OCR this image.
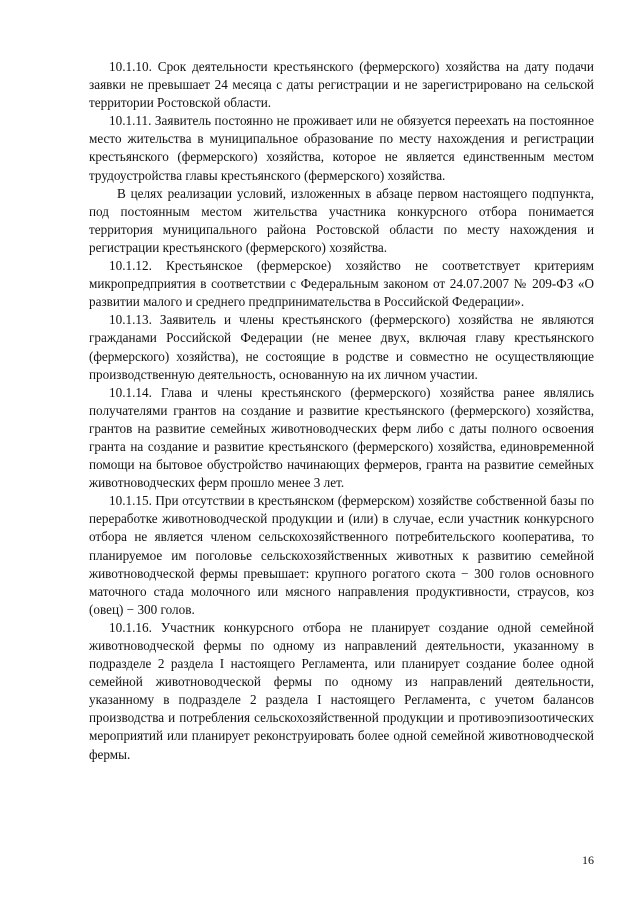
10.1.10. Срок деятельности крестьянского (фермерского) хозяйства на дату подачи заявки не превышает 24 месяца с даты регистрации и не зарегистрировано на сельской территории Ростовской области.

10.1.11. Заявитель постоянно не проживает или не обязуется переехать на постоянное место жительства в муниципальное образование по месту нахождения и регистрации крестьянского (фермерского) хозяйства, которое не является единственным местом трудоустройства главы крестьянского (фермерского) хозяйства.

В целях реализации условий, изложенных в абзаце первом настоящего подпункта, под постоянным местом жительства участника конкурсного отбора понимается территория муниципального района Ростовской области по месту нахождения и регистрации крестьянского (фермерского) хозяйства.

10.1.12. Крестьянское (фермерское) хозяйство не соответствует критериям микропредприятия в соответствии с Федеральным законом от 24.07.2007 № 209-ФЗ «О развитии малого и среднего предпринимательства в Российской Федерации».

10.1.13. Заявитель и члены крестьянского (фермерского) хозяйства не являются гражданами Российской Федерации (не менее двух, включая главу крестьянского (фермерского) хозяйства), не состоящие в родстве и совместно не осуществляющие производственную деятельность, основанную на их личном участии.

10.1.14. Глава и члены крестьянского (фермерского) хозяйства ранее являлись получателями грантов на создание и развитие крестьянского (фермерского) хозяйства, грантов на развитие семейных животноводческих ферм либо с даты полного освоения гранта на создание и развитие крестьянского (фермерского) хозяйства, единовременной помощи на бытовое обустройство начинающих фермеров, гранта на развитие семейных животноводческих ферм прошло менее 3 лет.

10.1.15. При отсутствии в крестьянском (фермерском) хозяйстве собственной базы по переработке животноводческой продукции и (или) в случае, если участник конкурсного отбора не является членом сельскохозяйственного потребительского кооператива, то планируемое им поголовье сельскохозяйственных животных к развитию семейной животноводческой фермы превышает: крупного рогатого скота − 300 голов основного маточного стада молочного или мясного направления продуктивности, страусов, коз (овец) − 300 голов.

10.1.16. Участник конкурсного отбора не планирует создание одной семейной животноводческой фермы по одному из направлений деятельности, указанному в подразделе 2 раздела I настоящего Регламента, или планирует создание более одной семейной животноводческой фермы по одному из направлений деятельности, указанному в подразделе 2 раздела I настоящего Регламента, с учетом балансов производства и потребления сельскохозяйственной продукции и противоэпизоотических мероприятий или планирует реконструировать более одной семейной животноводческой фермы.

16
